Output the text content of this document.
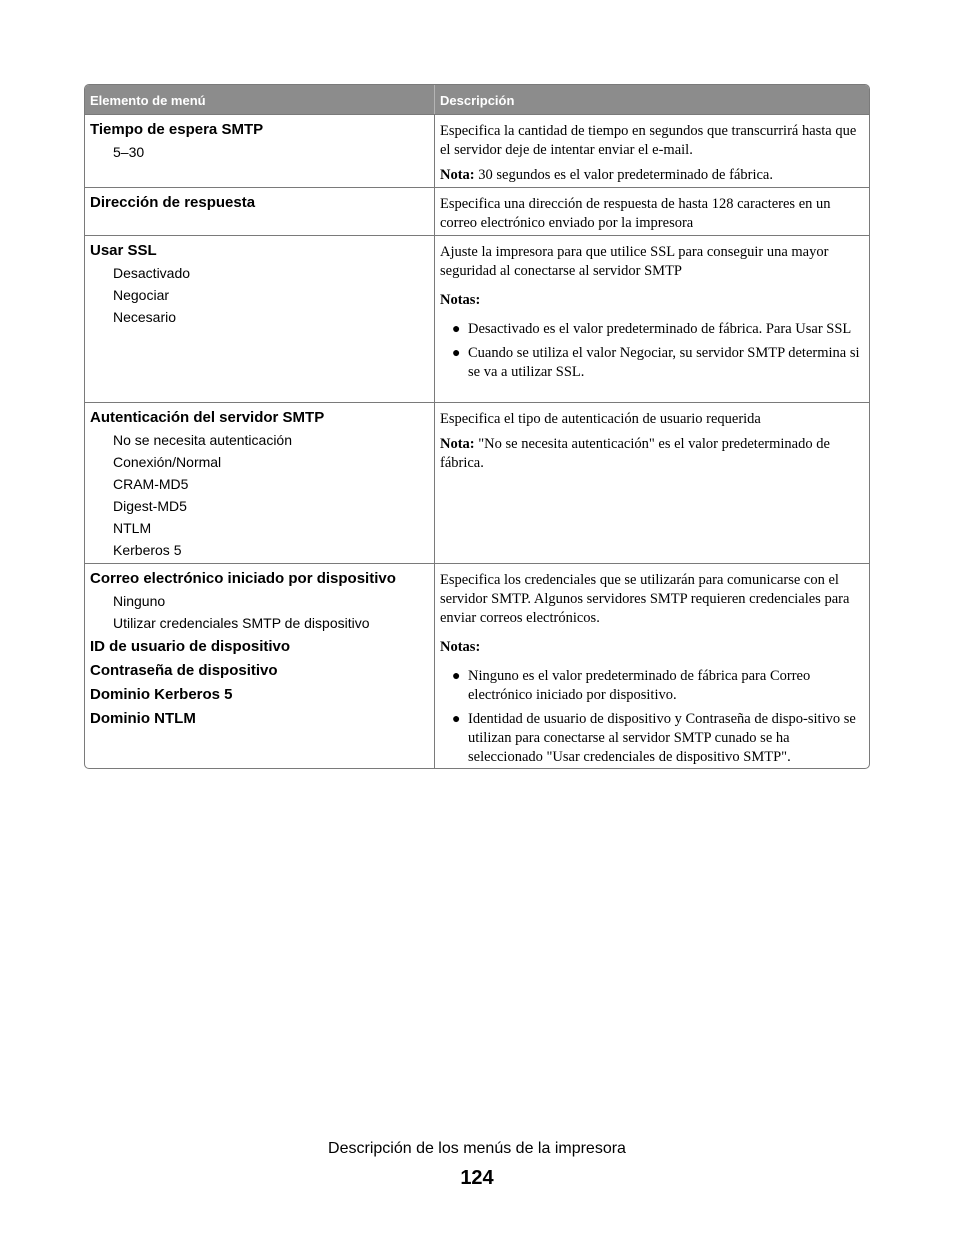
Elemento de menú	Descripción

Tiempo de espera SMTP

5–30

Especifica la cantidad de tiempo en segundos que transcurrirá hasta que el servidor deje de intentar enviar el e-mail.

Nota: 30 segundos es el valor predeterminado de fábrica.

Dirección de respuesta	Especifica una dirección de respuesta de hasta 128 caracteres en un correo electrónico enviado por la impresora

Usar SSL

Desactivado
Negociar
Necesario

Ajuste la impresora para que utilice SSL para conseguir una mayor seguridad al conectarse al servidor SMTP

Notas:

● Desactivado es el valor predeterminado de fábrica. Para Usar SSL
● Cuando se utiliza el valor Negociar, su servidor SMTP determina si se va a utilizar SSL.

Autenticación del servidor SMTP

No se necesita autenticación
Conexión/Normal
CRAM-MD5
Digest-MD5
NTLM
Kerberos 5

Especifica el tipo de autenticación de usuario requerida

Nota: "No se necesita autenticación" es el valor predeterminado de fábrica.

Correo electrónico iniciado por dispositivo

Ninguno
Utilizar credenciales SMTP de dispositivo

ID de usuario de dispositivo

Contraseña de dispositivo

Dominio Kerberos 5

Dominio NTLM

Especifica los credenciales que se utilizarán para comunicarse con el servidor SMTP. Algunos servidores SMTP requieren credenciales para enviar correos electrónicos.

Notas:

● Ninguno es el valor predeterminado de fábrica para Correo electrónico iniciado por dispositivo.
● Identidad de usuario de dispositivo y Contraseña de dispo-sitivo se utilizan para conectarse al servidor SMTP cunado se ha seleccionado "Usar credenciales de dispositivo SMTP".
Descripción de los menús de la impresora
124
